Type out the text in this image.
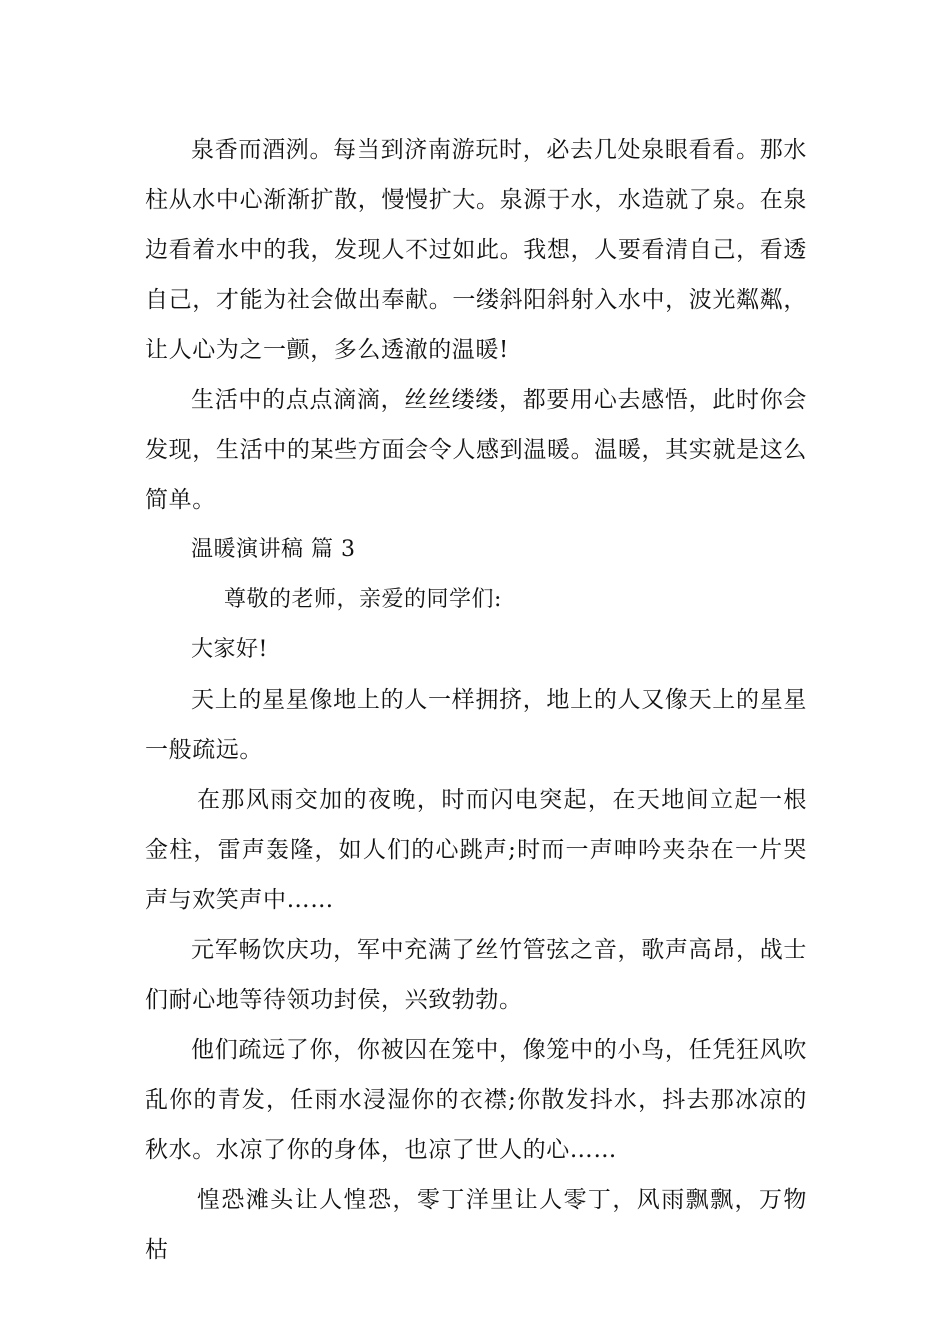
泉香而酒洌。每当到济南游玩时，必去几处泉眼看看。那水柱从水中心渐渐扩散，慢慢扩大。泉源于水，水造就了泉。在泉边看着水中的我，发现人不过如此。我想，人要看清自己，看透自己，才能为社会做出奉献。一缕斜阳斜射入水中，波光粼粼，让人心为之一颤，多么透澈的温暖!

生活中的点点滴滴，丝丝缕缕，都要用心去感悟，此时你会发现，生活中的某些方面会令人感到温暖。温暖，其实就是这么简单。

温暖演讲稿 篇 3

尊敬的老师，亲爱的同学们:

大家好!

天上的星星像地上的人一样拥挤，地上的人又像天上的星星一般疏远。

在那风雨交加的夜晚，时而闪电突起，在天地间立起一根金柱，雷声轰隆，如人们的心跳声;时而一声呻吟夹杂在一片哭声与欢笑声中……

元军畅饮庆功，军中充满了丝竹管弦之音，歌声高昂，战士们耐心地等待领功封侯，兴致勃勃。

他们疏远了你，你被囚在笼中，像笼中的小鸟，任凭狂风吹乱你的青发，任雨水浸湿你的衣襟;你散发抖水，抖去那冰凉的秋水。水凉了你的身体，也凉了世人的心……

惶恐滩头让人惶恐，零丁洋里让人零丁，风雨飘飘，万物枯
